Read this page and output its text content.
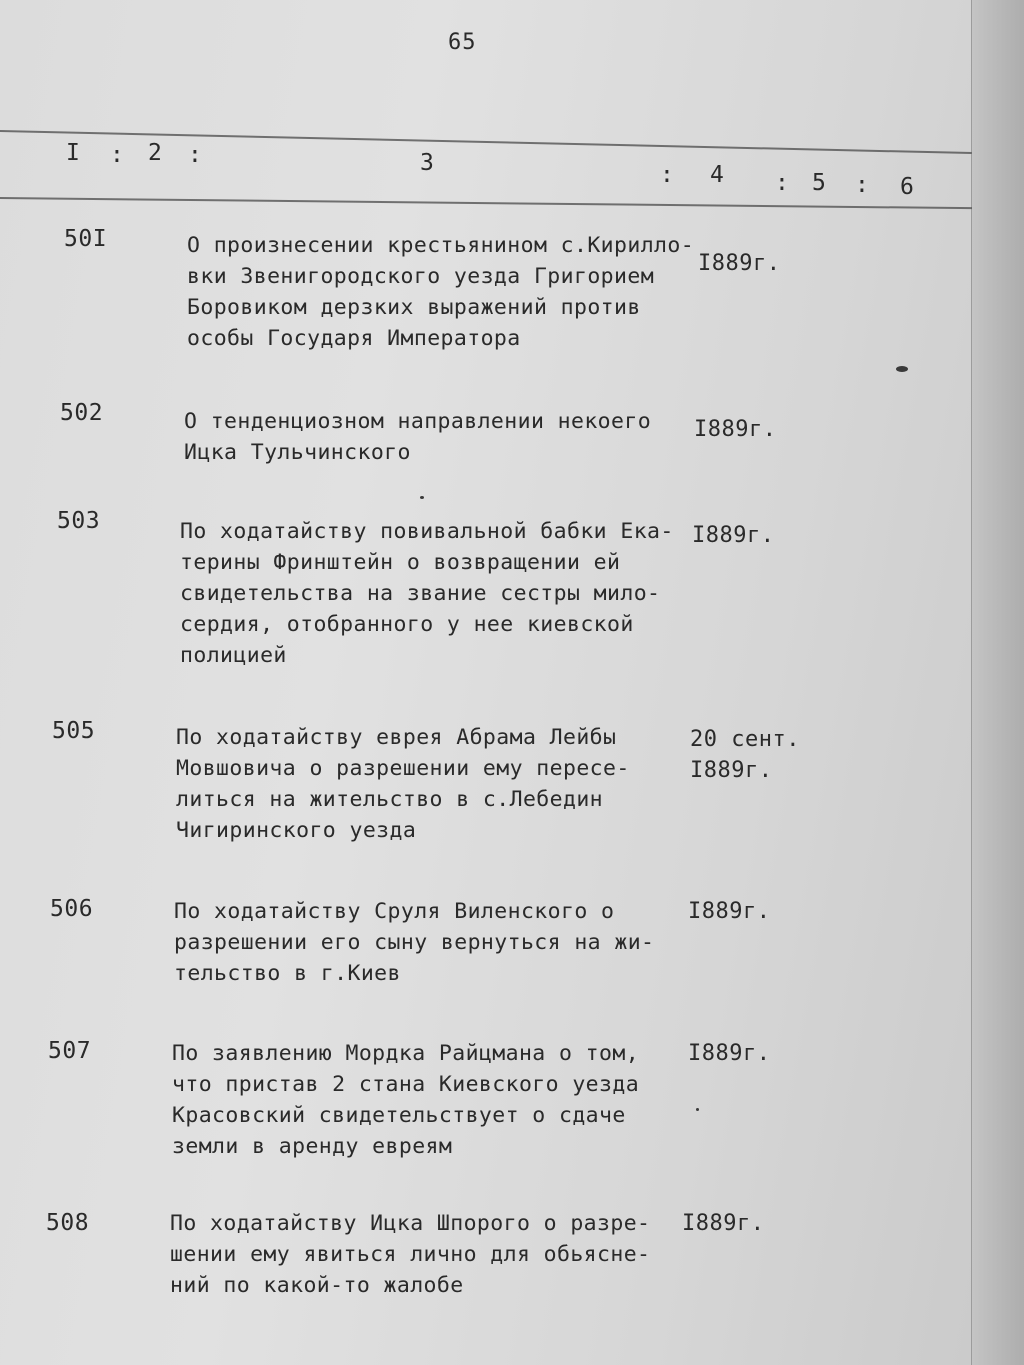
65
I : 2 :	3	: 4 : 5 : 6
50I	О произнесении крестьянином с.Кирилло-
вки Звенигородского уезда Григорием
Боровиком дерзких выражений против
особы Государя Императора
I889г.
502	О тенденциозном направлении некоего
Ицка Тульчинского
I889г.
503	По ходатайству повивальной бабки Ека-
терины Фринштейн о возвращении ей
свидетельства на звание сестры мило-
сердия, отобранного у нее киевской
полицией
I889г.
505	По ходатайству еврея Абрама Лейбы
Мовшовича о разрешении ему пересе-
литься на жительство в с.Лебедин
Чигиринского уезда
20 сент.
I889г.
506	По ходатайству Сруля Виленского о
разрешении его сыну вернуться на жи-
тельство в г.Киев
I889г.
507	По заявлению Мордка Райцмана о том,
что пристав 2 стана Киевского уезда
Красовский свидетельствует о сдаче
земли в аренду евреям
I889г.
508	По ходатайству Ицка Шпорого о разре-
шении ему явиться лично для обьясне-
ний по какой-то жалобе
I889г.
